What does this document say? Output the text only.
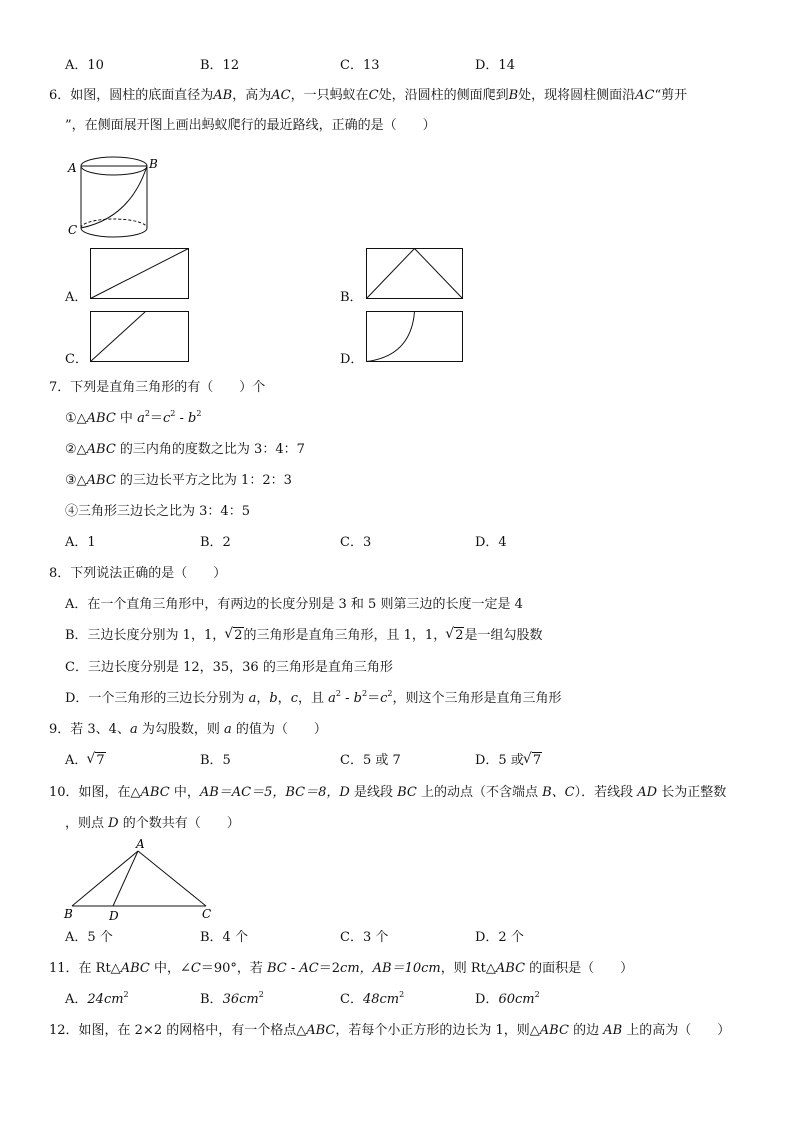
A．10	B．12	C．13	D．14
6．如图，圆柱的底面直径为AB，高为AC，一只蚂蚁在C处，沿圆柱的侧面爬到B处，现将圆柱侧面沿AC“剪开
”，在侧面展开图上画出蚂蚁爬行的最近路线，正确的是（　　）
A	B
C
A．	B．
C．	D．
7．下列是直角三角形的有（　　）个
①△ABC 中 $a^2=c^2 - b^2$
②△ABC 的三内角的度数之比为 3：4：7
③△ABC 的三边长平方之比为 1：2：3
④三角形三边长之比为 3：4：5
A．1	B．2	C．3	D．4
8．下列说法正确的是（　　）
A．在一个直角三角形中，有两边的长度分别是 3 和 5 则第三边的长度一定是 4
B．三边长度分别为 1，1， √ 2的三角形是直角三角形，且 1，1， √ 2是一组勾股数
C．三边长度分别是 12，35，36 的三角形是直角三角形
D．一个三角形的三边长分别为 a，b，c，且 $a^2 - b^2=c^2$，则这个三角形是直角三角形
9．若 3、4、a 为勾股数，则 a 的值为（　　）
A． √ 7	B．5	C．5 或 7	D．5 或 √ 7
10．如图，在△ABC 中，AB＝AC＝5，BC＝8，D 是线段 BC 上的动点（不含端点 B、C）．若线段 AD 长为正整数
，则点 D 的个数共有（　　）
A
B	D	C
A．5 个	B．4 个	C．3 个	D．2 个
11．在 Rt△ABC 中，∠C＝90°，若 BC - AC＝2cm，AB＝10cm，则 Rt△ABC 的面积是（　　）
A．$24cm^2$	B．$36cm^2$	C．$48cm^2$	D．$60cm^2$
12．如图，在 2×2 的网格中，有一个格点△ABC，若每个小正方形的边长为 1，则△ABC 的边 AB 上的高为（　　）
